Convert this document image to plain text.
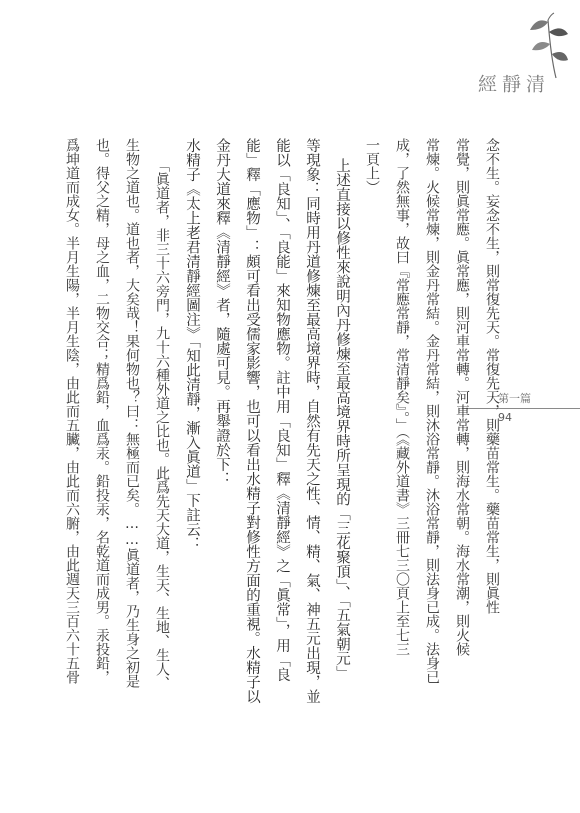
清靜經
第一篇
94
念不生。妄念不生，則常復先天。常復先天，則藥苗常生。藥苗常生，則眞性
常覺，則眞常應。眞常應，則河車常轉。河車常轉，則海水常朝。海水常潮，則火候
常煉。火候常煉，則金丹常結。金丹常結，則沐浴常靜。沐浴常靜，則法身已成。法身已
成，了然無事，故曰『常應常靜，常清靜矣』。」（《藏外道書》三冊七三〇頁上至七三
一頁上）
上述直接以修性來說明內丹修煉至最高境界時所呈現的「三花聚頂」、「五氣朝元」
等現象：同時用丹道修煉至最高境界時，自然有先天之性、情、精、氣、神五元出現，並
能以「良知」、「良能」來知物應物。註中用「良知」釋《清靜經》之「眞常」，用「良
能」釋「應物」：頗可看出受儒家影響，也可以看出水精子對修性方面的重視。水精子以
金丹大道來釋《清靜經》者，隨處可見。再舉證於下：
水精子《太上老君清靜經圖注》「知此清靜，漸入眞道」下註云：
「眞道者，非三十六旁門，九十六種外道之比也。此爲先天大道，生天、生地、生人、
生物之道也。道也者，大矣哉！果何物也？曰：無極而已矣。……眞道者，乃生身之初是
也。得父之精，母之血，二物交合；精爲鉛，血爲汞。鉛投汞，名乾道而成男。汞投鉛，
爲坤道而成女。半月生陽，半月生陰，由此而五臟，由此而六腑，由此週天三百六十五骨
